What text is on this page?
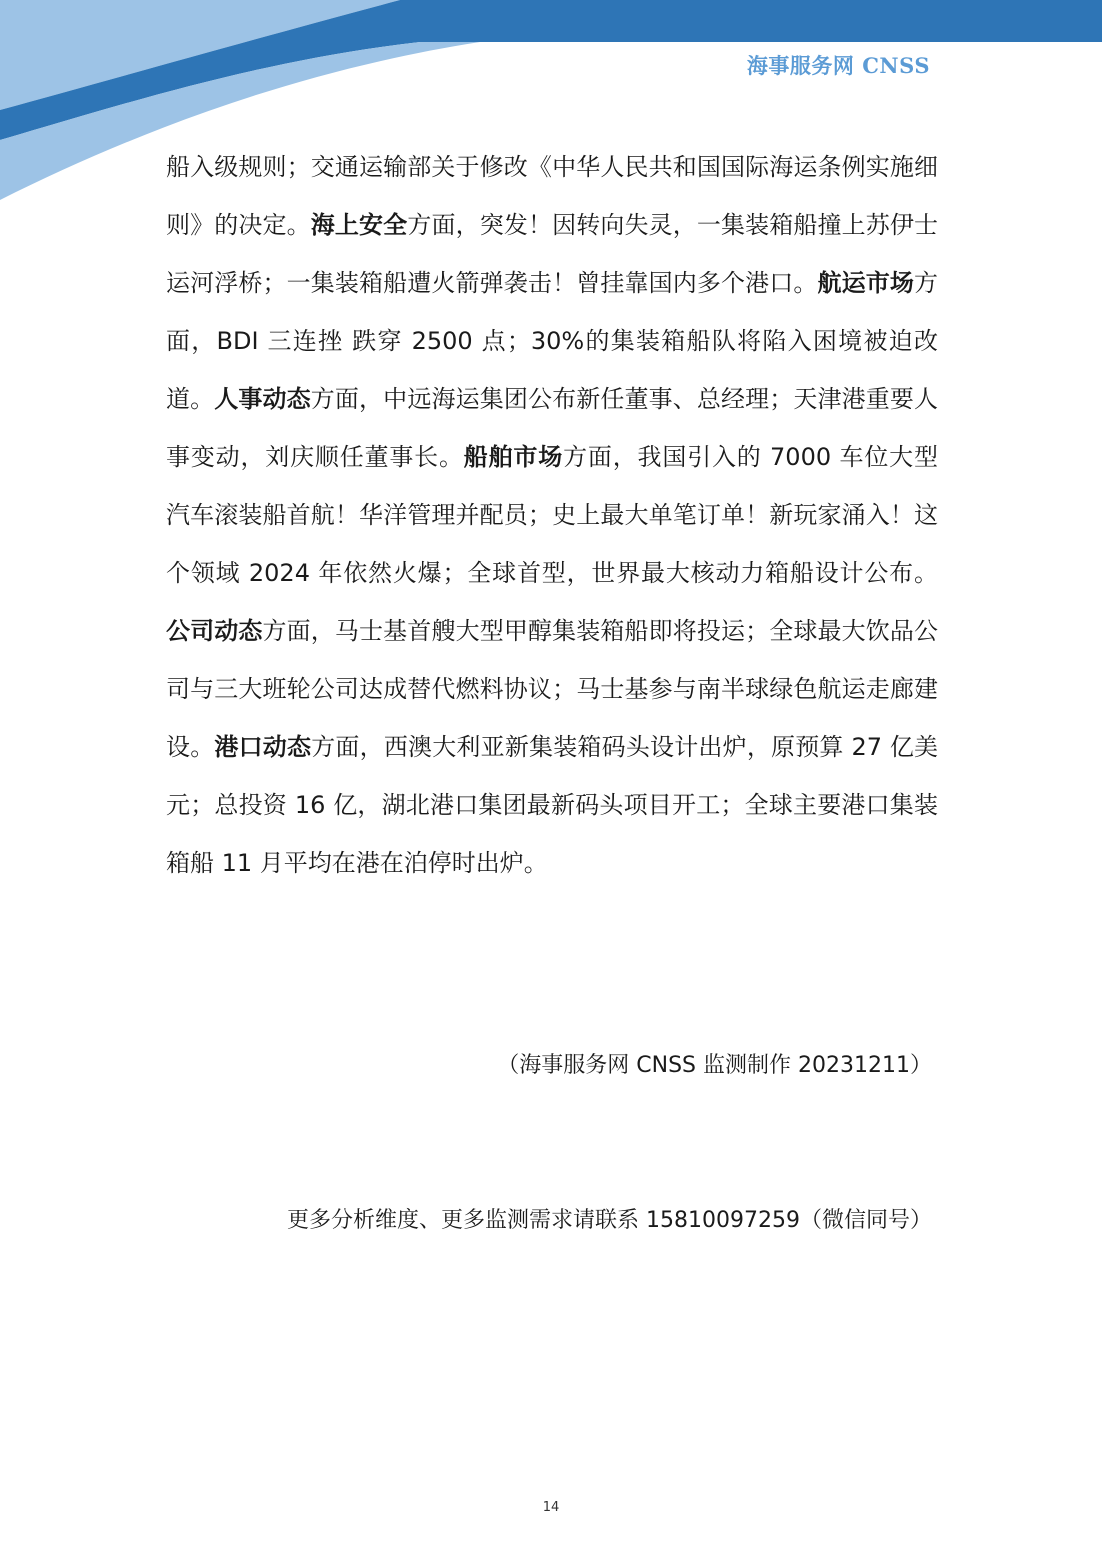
海事服务网 CNSS
船入级规则；交通运输部关于修改《中华人民共和国国际海运条例实施细则》的决定。海上安全方面，突发！因转向失灵，一集装箱船撞上苏伊士运河浮桥；一集装箱船遭火箭弹袭击！曾挂靠国内多个港口。航运市场方面，BDI 三连挫 跌穿 2500 点；30%的集装箱船队将陷入困境被迫改道。人事动态方面，中远海运集团公布新任董事、总经理；天津港重要人事变动，刘庆顺任董事长。船舶市场方面，我国引入的 7000 车位大型汽车滚装船首航！华洋管理并配员；史上最大单笔订单！新玩家涌入！这个领域 2024 年依然火爆；全球首型，世界最大核动力箱船设计公布。公司动态方面，马士基首艘大型甲醇集装箱船即将投运；全球最大饮品公司与三大班轮公司达成替代燃料协议；马士基参与南半球绿色航运走廊建设。港口动态方面，西澳大利亚新集装箱码头设计出炉，原预算 27 亿美元；总投资 16 亿，湖北港口集团最新码头项目开工；全球主要港口集装箱船 11 月平均在港在泊停时出炉。
（海事服务网 CNSS 监测制作 20231211）
更多分析维度、更多监测需求请联系 15810097259（微信同号）
14
